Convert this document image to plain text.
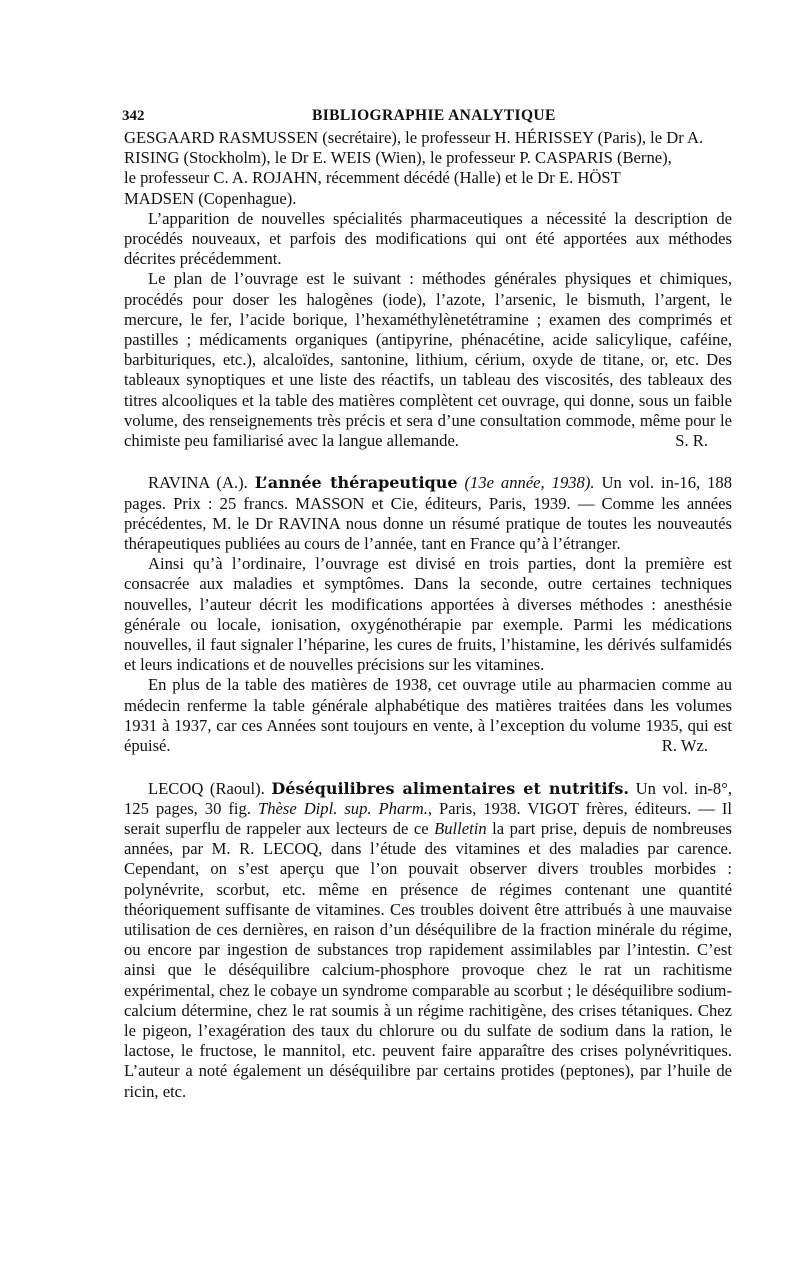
342	BIBLIOGRAPHIE ANALYTIQUE

GESGAARD RASMUSSEN (secrétaire), le professeur H. HÉRISSEY (Paris), le Dr A.

RISING (Stockholm), le Dr E. WEIS (Wien), le professeur P. CASPARIS (Berne),

le professeur C. A. ROJAHN, récemment décédé (Halle) et le Dr E. HÖST

MADSEN (Copenhague).

L’apparition de nouvelles spécialités pharmaceutiques a nécessité la description de procédés nouveaux, et parfois des modifications qui ont été apportées aux méthodes décrites précédemment.

Le plan de l’ouvrage est le suivant : méthodes générales physiques et chimiques, procédés pour doser les halogènes (iode), l’azote, l’arsenic, le bismuth, l’argent, le mercure, le fer, l’acide borique, l’hexaméthylènetétramine ; examen des comprimés et pastilles ; médicaments organiques (antipyrine, phénacétine, acide salicylique, caféine, barbituriques, etc.), alcaloïdes, santonine, lithium, cérium, oxyde de titane, or, etc. Des tableaux synoptiques et une liste des réactifs, un tableau des viscosités, des tableaux des titres alcooliques et la table des matières complètent cet ouvrage, qui donne, sous un faible volume, des renseignements très précis et sera d’une consultation commode, même pour le chimiste peu familiarisé avec la langue allemande.	S. R.

RAVINA (A.). L’année thérapeutique (13e année, 1938). Un vol. in-16, 188 pages. Prix : 25 francs. MASSON et Cie, éditeurs, Paris, 1939. — Comme les années précédentes, M. le Dr RAVINA nous donne un résumé pratique de toutes les nouveautés thérapeutiques publiées au cours de l’année, tant en France qu’à l’étranger.

Ainsi qu’à l’ordinaire, l’ouvrage est divisé en trois parties, dont la première est consacrée aux maladies et symptômes. Dans la seconde, outre certaines techniques nouvelles, l’auteur décrit les modifications apportées à diverses méthodes : anesthésie générale ou locale, ionisation, oxygénothérapie par exemple. Parmi les médications nouvelles, il faut signaler l’héparine, les cures de fruits, l’histamine, les dérivés sulfamidés et leurs indications et de nouvelles précisions sur les vitamines.

En plus de la table des matières de 1938, cet ouvrage utile au pharmacien comme au médecin renferme la table générale alphabétique des matières traitées dans les volumes 1931 à 1937, car ces Années sont toujours en vente, à l’exception du volume 1935, qui est épuisé.	R. Wz.

LECOQ (Raoul). Déséquilibres alimentaires et nutritifs. Un vol. in-8°, 125 pages, 30 fig. Thèse Dipl. sup. Pharm., Paris, 1938. VIGOT frères, éditeurs. — Il serait superflu de rappeler aux lecteurs de ce Bulletin la part prise, depuis de nombreuses années, par M. R. LECOQ, dans l’étude des vitamines et des maladies par carence. Cependant, on s’est aperçu que l’on pouvait observer divers troubles morbides : polynévrite, scorbut, etc. même en présence de régimes contenant une quantité théoriquement suffisante de vitamines. Ces troubles doivent être attribués à une mauvaise utilisation de ces dernières, en raison d’un déséquilibre de la fraction minérale du régime, ou encore par ingestion de substances trop rapidement assimilables par l’intestin. C’est ainsi que le déséquilibre calcium-phosphore provoque chez le rat un rachitisme expérimental, chez le cobaye un syndrome comparable au scorbut ; le déséquilibre sodium-calcium détermine, chez le rat soumis à un régime rachitigène, des crises tétaniques. Chez le pigeon, l’exagération des taux du chlorure ou du sulfate de sodium dans la ration, le lactose, le fructose, le mannitol, etc. peuvent faire apparaître des crises polynévritiques. L’auteur a noté également un déséquilibre par certains protides (peptones), par l’huile de ricin, etc.
